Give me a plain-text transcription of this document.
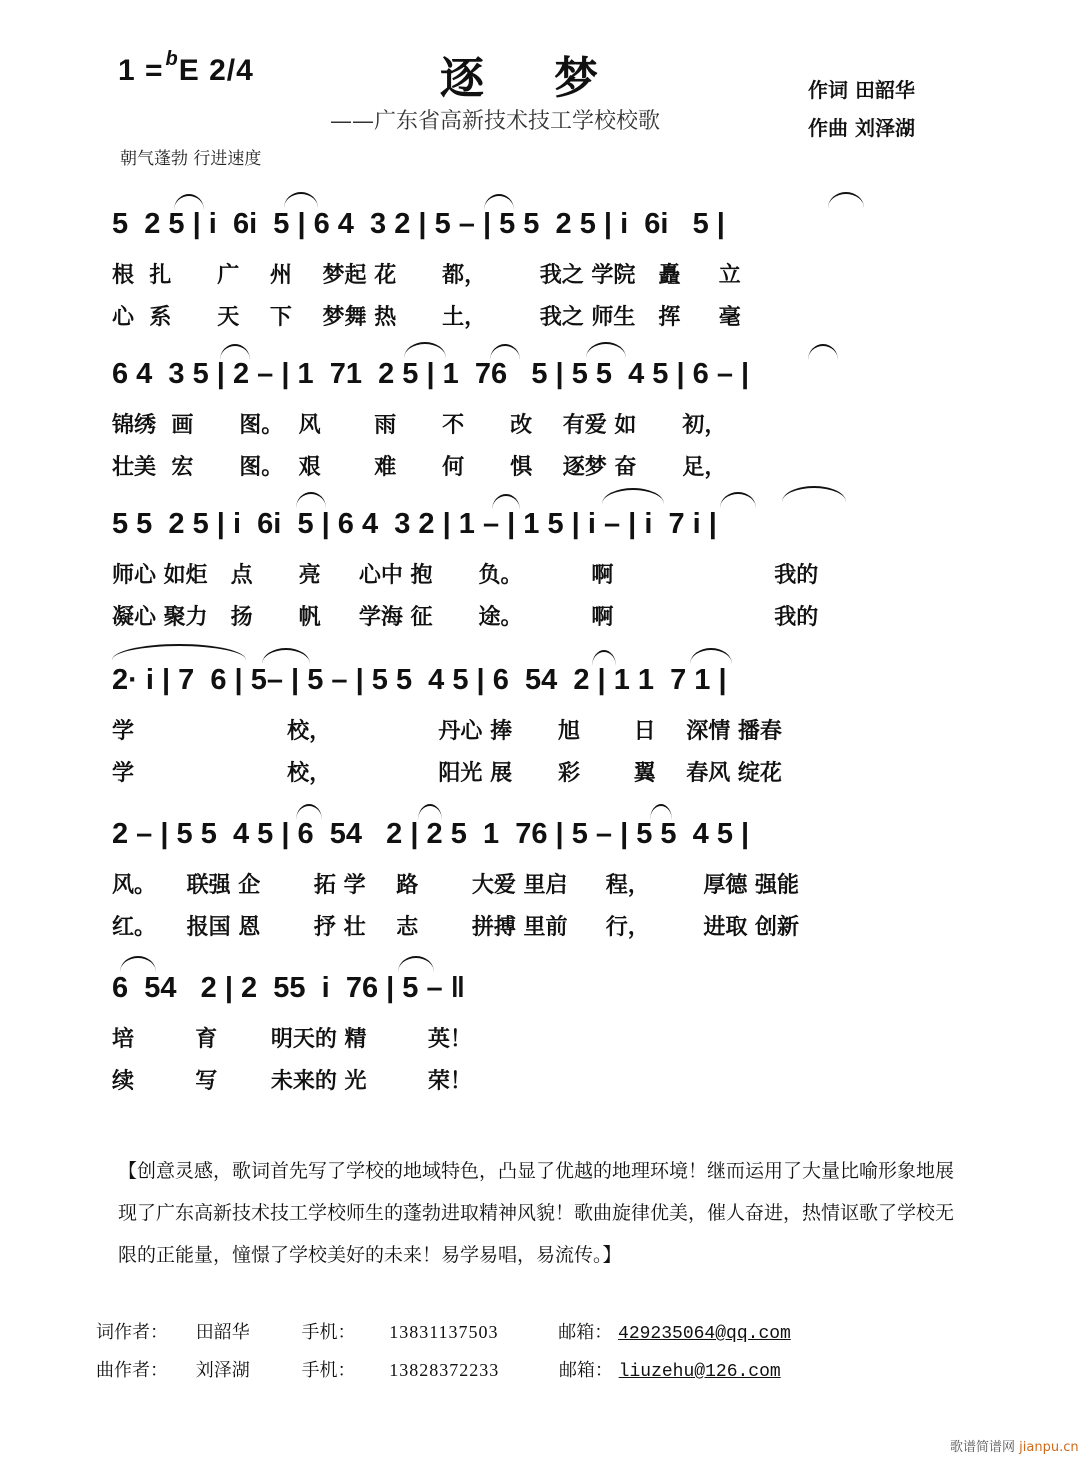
1 = $^b$E 2/4	逐梦
——广东省高新技术技工学校校歌
作词 田韶华
作曲 刘泽湖
朝气蓬勃 行进速度
5  2 5 | i  6i  5 | 6 4  3 2 | 5 – | 5 5  2 5 | i  6i   5 |
根  扎      广    州    梦起 花      都，       我之 学院   矗     立
心  系      天    下    梦舞 热      土，       我之 师生   挥     毫
6 4  3 5 | 2 – | 1  71  2 5 | 1  76   5 | 5 5  4 5 | 6 – |
锦绣  画      图。  风       雨      不      改    有爱 如      初，
壮美  宏      图。  艰       难      何      惧    逐梦 奋      足，
5 5  2 5 | i  6i  5 | 6 4  3 2 | 1 – | 1 5 | i – | i  7 i |
师心 如炬   点      亮     心中 抱      负。         啊                     我的
凝心 聚力   扬      帆     学海 征      途。         啊                     我的
2· i | 7  6 | 5– | 5 – | 5 5  4 5 | 6  54  2 | 1 1  7 1 |
学                    校，              丹心 捧      旭       日    深情 播春
学                    校，              阳光 展      彩       翼    春风 绽花
2 – | 5 5  4 5 | 6  54   2 | 2 5  1  76 | 5 – | 5 5  4 5 |
风。    联强 企       拓 学    路       大爱 里启     程，       厚德 强能
红。    报国 恩       抒 壮    志       拼搏 里前     行，       进取 创新
6  54   2 | 2  55  i  76 | 5 – ‖
培        育       明天的 精        英！
续        写       未来的 光        荣！
【创意灵感，歌词首先写了学校的地域特色，凸显了优越的地理环境！继而运用了大量比喻形象地展现了广东高新技术技工学校师生的蓬勃进取精神风貌！歌曲旋律优美，催人奋进，热情讴歌了学校无限的正能量，憧憬了学校美好的未来！易学易唱，易流传。】
词作者： 田韶华	手机： 13831137503	邮箱： 429235064@qq.com
曲作者： 刘泽湖	手机： 13828372233	邮箱： liuzehu@126.com
歌谱简谱网 jianpu.cn
